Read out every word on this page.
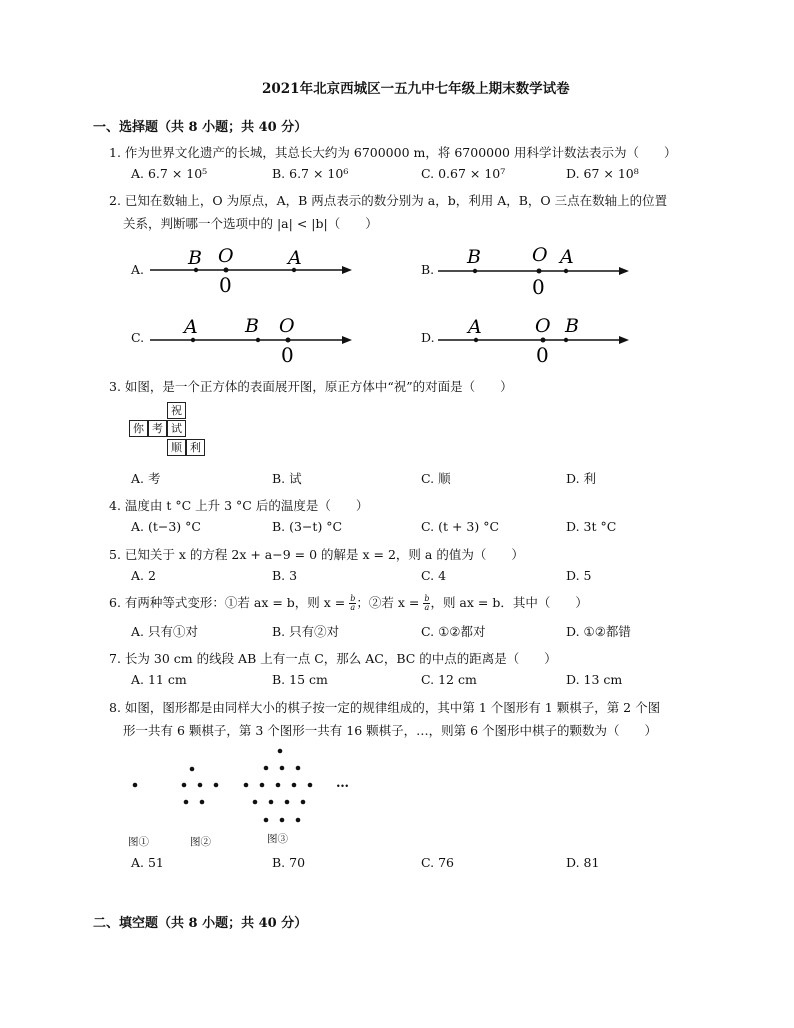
2021年北京西城区一五九中七年级上期末数学试卷
一、选择题（共 8 小题；共 40 分）
1. 作为世界文化遗产的长城，其总长大约为 6700000 m，将 6700000 用科学计数法表示为（　　）
A. 6.7 × 10⁵	B. 6.7 × 10⁶	C. 0.67 × 10⁷	D. 67 × 10⁸
2. 已知在数轴上，O 为原点，A，B 两点表示的数分别为 a，b，利用 A，B，O 三点在数轴上的位置
关系，判断哪一个选项中的 |a| < |b|（　　）
A.	B.
C.	D.
B O	A
0
B	O A
0
A B O
0
A	O B
0
3. 如图，是一个正方体的表面展开图，原正方体中“祝”的对面是（　　）
祝
你 考 试
顺 利
A. 考	B. 试	C. 顺	D. 利
4. 温度由 t °C 上升 3 °C 后的温度是（　　）
A. (t−3) °C	B. (3−t) °C	C. (t + 3) °C	D. 3t °C
5. 已知关于 x 的方程 2x + a−9 = 0 的解是 x = 2，则 a 的值为（　　）
A. 2	B. 3	C. 4	D. 5
6. 有两种等式变形：①若 ax = b，则 $x = \frac{b}{a}$ ；②若 $x = \frac{b}{a}$ ，则 ax = b．其中（　　）
A. 只有①对	B. 只有②对	C. ①②都对	D. ①②都错
7. 长为 30 cm 的线段 AB 上有一点 C，那么 AC，BC 的中点的距离是（　　）
A. 11 cm	B. 15 cm	C. 12 cm	D. 13 cm
8. 如图，图形都是由同样大小的棋子按一定的规律组成的，其中第 1 个图形有 1 颗棋子，第 2 个图
形一共有 6 颗棋子，第 3 个图形一共有 16 颗棋子，…，则第 6 个图形中棋子的颗数为（　　）
…
图①	图②	图③
A. 51	B. 70	C. 76	D. 81
二、填空题（共 8 小题；共 40 分）
